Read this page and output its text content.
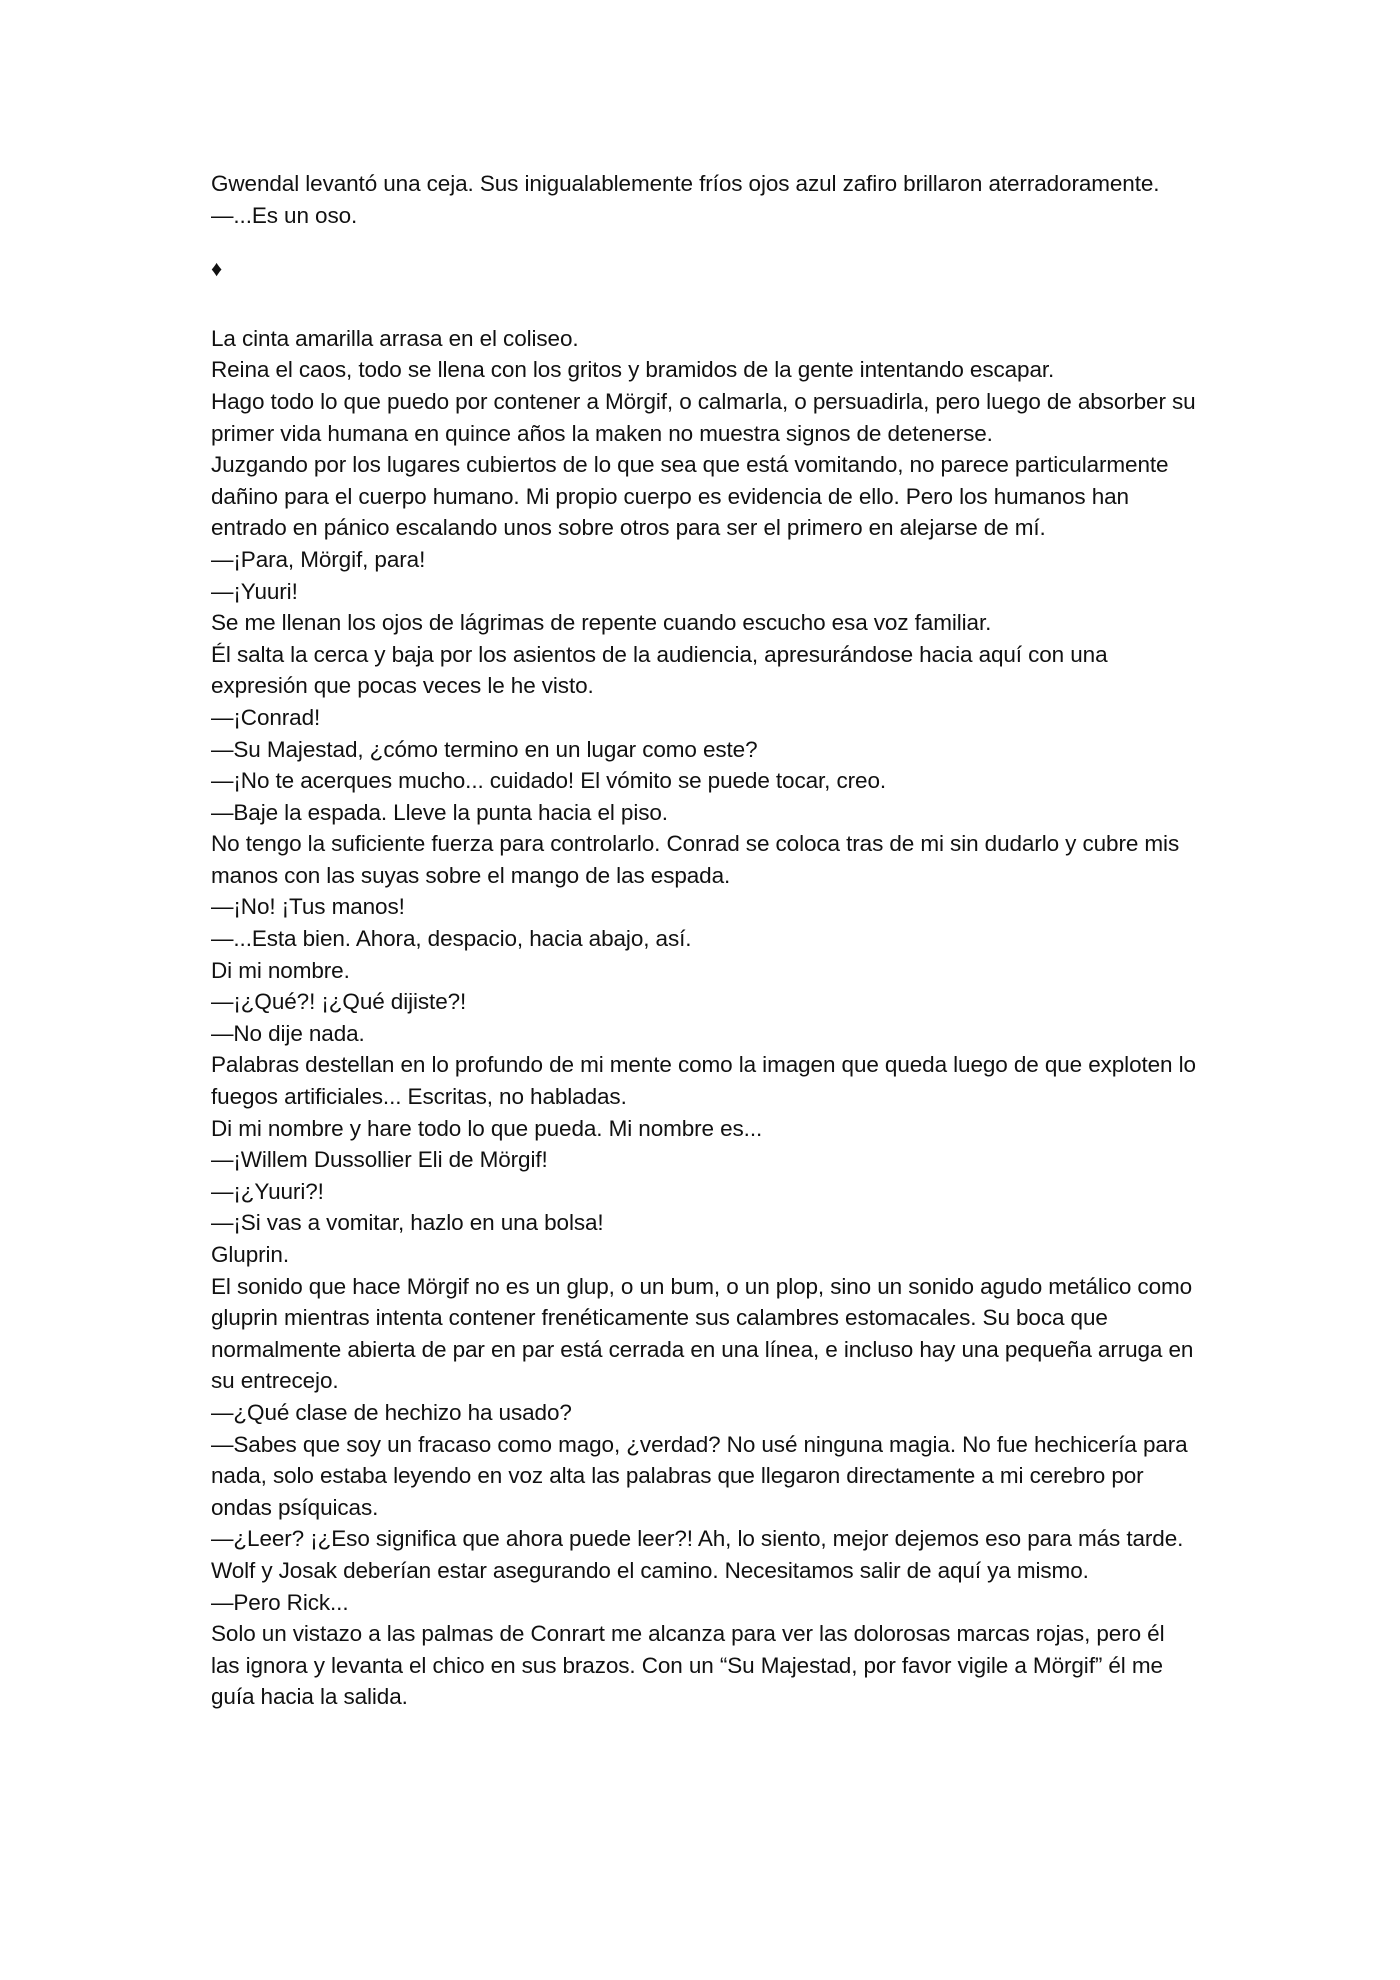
Gwendal levantó una ceja. Sus inigualablemente fríos ojos azul zafiro brillaron aterradoramente.

—...Es un oso.

♦

La cinta amarilla arrasa en el coliseo.

Reina el caos, todo se llena con los gritos y bramidos de la gente intentando escapar.

Hago todo lo que puedo por contener a Mörgif, o calmarla, o persuadirla, pero luego de absorber su primer vida humana en quince años la maken no muestra signos de detenerse.

Juzgando por los lugares cubiertos de lo que sea que está vomitando, no parece particularmente dañino para el cuerpo humano. Mi propio cuerpo es evidencia de ello. Pero los humanos han entrado en pánico escalando unos sobre otros para ser el primero en alejarse de mí.

—¡Para, Mörgif, para!

—¡Yuuri!

Se me llenan los ojos de lágrimas de repente cuando escucho esa voz familiar.

Él salta la cerca y baja por los asientos de la audiencia, apresurándose hacia aquí con una expresión que pocas veces le he visto.

—¡Conrad!

—Su Majestad, ¿cómo termino en un lugar como este?

—¡No te acerques mucho... cuidado! El vómito se puede tocar, creo.

—Baje la espada. Lleve la punta hacia el piso.

No tengo la suficiente fuerza para controlarlo. Conrad se coloca tras de mi sin dudarlo y cubre mis manos con las suyas sobre el mango de las espada.

—¡No! ¡Tus manos!

—...Esta bien. Ahora, despacio, hacia abajo, así.

Di mi nombre.

—¡¿Qué?! ¡¿Qué dijiste?!

—No dije nada.

Palabras destellan en lo profundo de mi mente como la imagen que queda luego de que exploten lo fuegos artificiales... Escritas, no habladas.

Di mi nombre y hare todo lo que pueda. Mi nombre es...

—¡Willem Dussollier Eli de Mörgif!

—¡¿Yuuri?!

—¡Si vas a vomitar, hazlo en una bolsa!

Gluprin.

El sonido que hace Mörgif no es un glup, o un bum, o un plop, sino un sonido agudo metálico como gluprin mientras intenta contener frenéticamente sus calambres estomacales. Su boca que normalmente abierta de par en par está cerrada en una línea, e incluso hay una pequeña arruga en su entrecejo.

—¿Qué clase de hechizo ha usado?

—Sabes que soy un fracaso como mago, ¿verdad? No usé ninguna magia. No fue hechicería para nada, solo estaba leyendo en voz alta las palabras que llegaron directamente a mi cerebro por ondas psíquicas.

—¿Leer? ¡¿Eso significa que ahora puede leer?! Ah, lo siento, mejor dejemos eso para más tarde. Wolf y Josak deberían estar asegurando el camino. Necesitamos salir de aquí ya mismo.

—Pero Rick...

Solo un vistazo a las palmas de Conrart me alcanza para ver las dolorosas marcas rojas, pero él las ignora y levanta el chico en sus brazos. Con un “Su Majestad, por favor vigile a Mörgif” él me guía hacia la salida.
